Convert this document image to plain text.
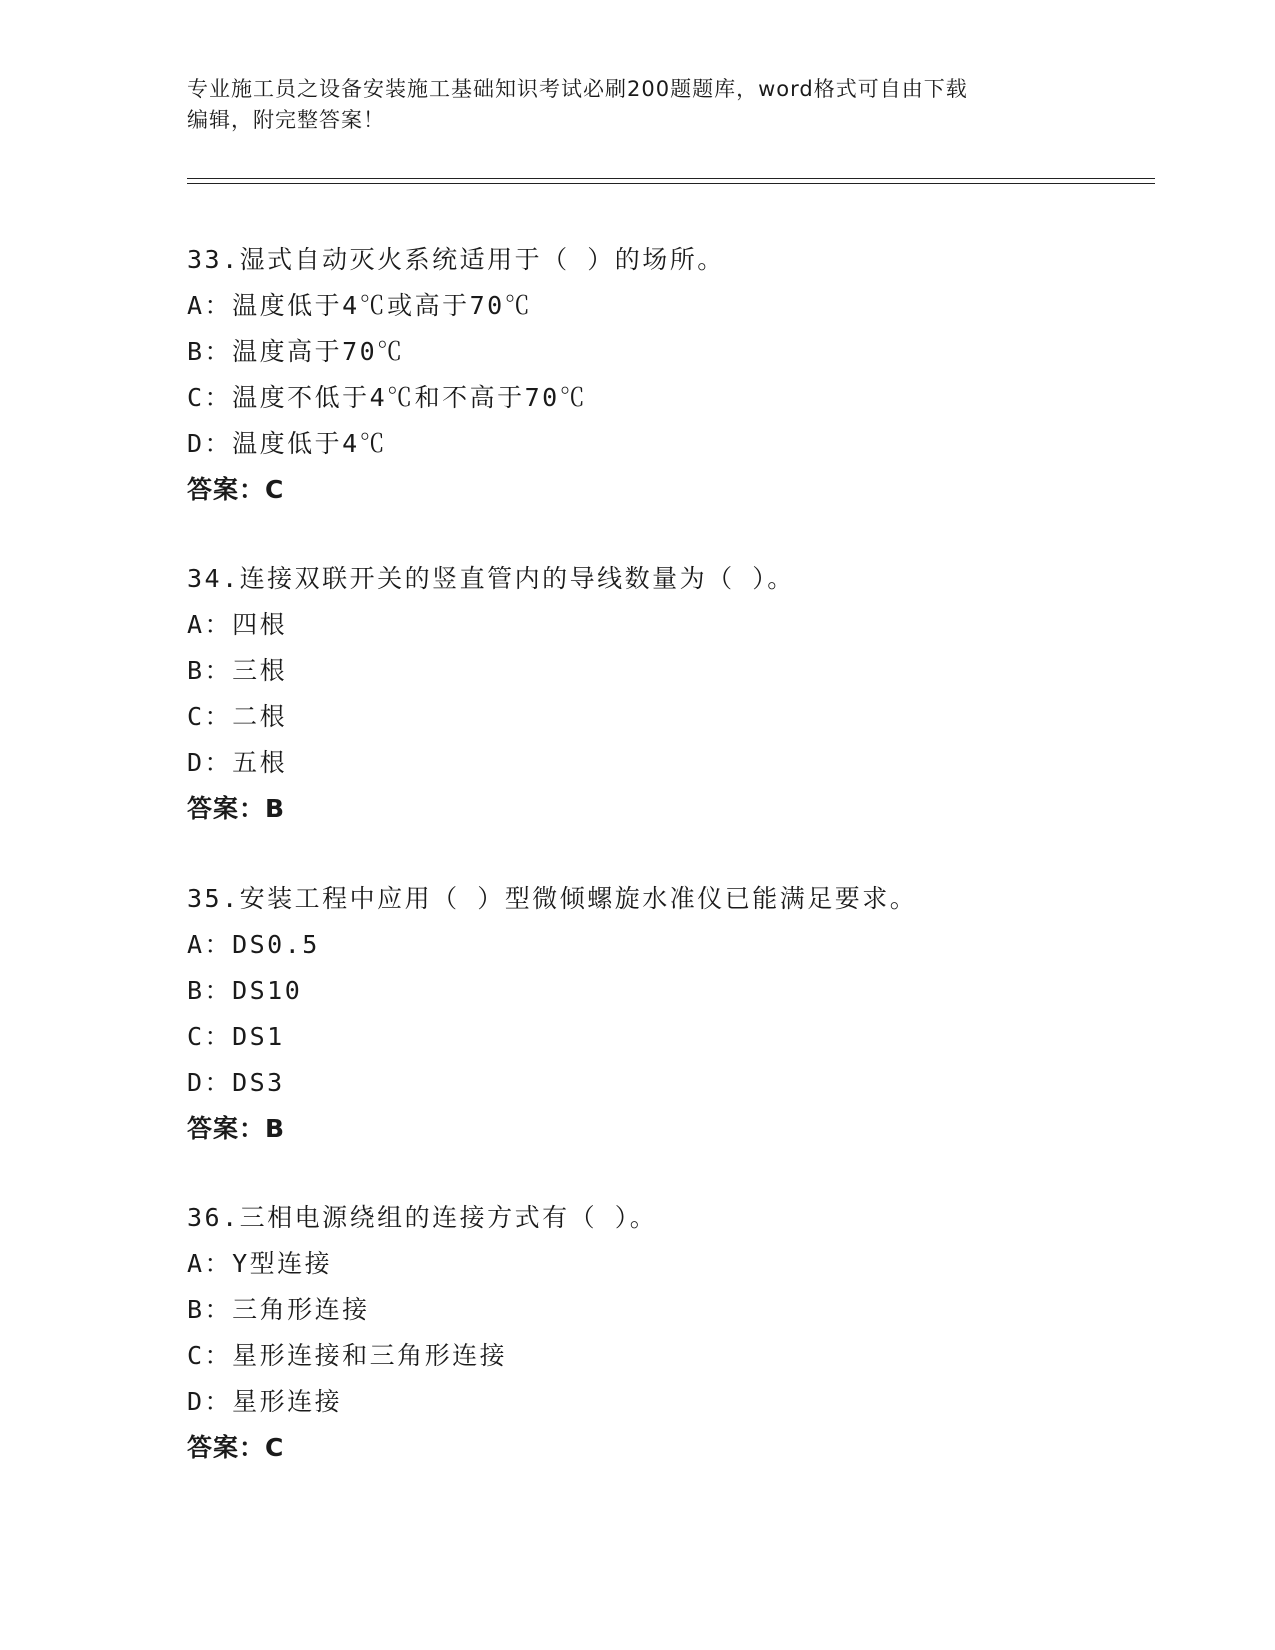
专业施工员之设备安装施工基础知识考试必刷200题题库，word格式可自由下载
编辑，附完整答案！
33.湿式自动灭火系统适用于（ ）的场所。
A：温度低于4℃或高于70℃
B：温度高于70℃
C：温度不低于4℃和不高于70℃
D：温度低于4℃
答案：C
34.连接双联开关的竖直管内的导线数量为（ ）。
A：四根
B：三根
C：二根
D：五根
答案：B
35.安装工程中应用（ ）型微倾螺旋水准仪已能满足要求。
A：DS0.5
B：DS10
C：DS1
D：DS3
答案：B
36.三相电源绕组的连接方式有（ ）。
A：Y型连接
B：三角形连接
C：星形连接和三角形连接
D：星形连接
答案：C
